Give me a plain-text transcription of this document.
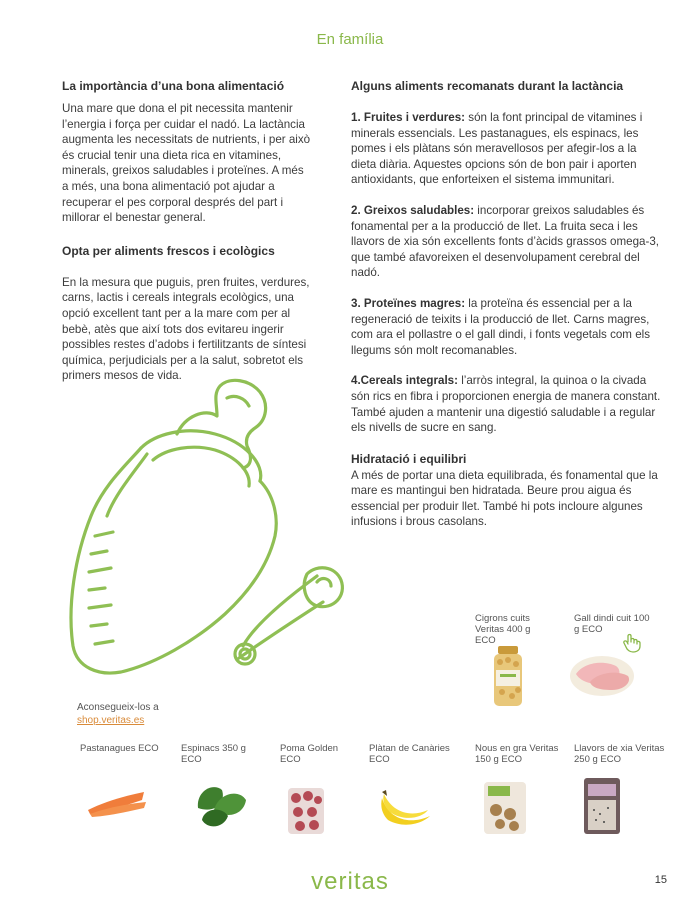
En família
La importància d’una bona alimentació

Una mare que dona el pit necessita mantenir l’energia i força per cuidar el nadó. La lactància augmenta les necessitats de nutrients, i per això és crucial tenir una dieta rica en vitamines, minerals, greixos saludables i proteïnes. A més a més, una bona alimentació pot ajudar a recuperar el pes corporal després del part i millorar el benestar general.

Opta per aliments frescos i ecològics

En la mesura que puguis, pren fruites, verdures, carns, lactis i cereals integrals ecològics, una opció excellent tant per a la mare com per al bebè, atès que així tots dos evitareu ingerir possibles restes d’adobs i fertilitzants de síntesi química, perjudicials per a la salut, sobretot els primers mesos de vida.

Alguns aliments recomanats durant la lactància
1. Fruites i verdures: són la font principal de vitamines i minerals essencials. Les pastanagues, els espinacs, les pomes i els plàtans són meravellosos per afegir-los a la dieta diària. Aquestes opcions són de bon pair i aporten antioxidants, que enforteixen el sistema immunitari.
2. Greixos saludables: incorporar greixos saludables és fonamental per a la producció de llet. La fruita seca i les llavors de xia són excellents fonts d’àcids grassos omega-3, que també afavoreixen el desenvolupament cerebral del nadó.
3. Proteïnes magres: la proteïna és essencial per a la regeneració de teixits i la producció de llet. Carns magres, com ara el pollastre o el gall dindi, i fonts vegetals com els llegums són molt recomanables.
4.Cereals integrals: l’arròs integral, la quinoa o la civada són rics en fibra i proporcionen energia de manera constant. També ajuden a mantenir una digestió saludable i a regular els nivells de sucre en sang.
Hidratació i equilibri

A més de portar una dieta equilibrada, és fonamental que la mare es mantingui ben hidratada. Beure prou aigua és essencial per produir llet. També hi pots incloure algunes infusions i brous casolans.

Aconsegueix-los a
shop.veritas.es
Cigrons cuits Veritas 400 g ECO
Gall dindi cuit 100 g ECO
Pastanagues ECO	Espinacs 350 g ECO
Poma Golden ECO
Plàtan de Canàries ECO
Nous en gra Veritas 150 g ECO
Llavors de xia Veritas 250 g ECO
veritas	15
